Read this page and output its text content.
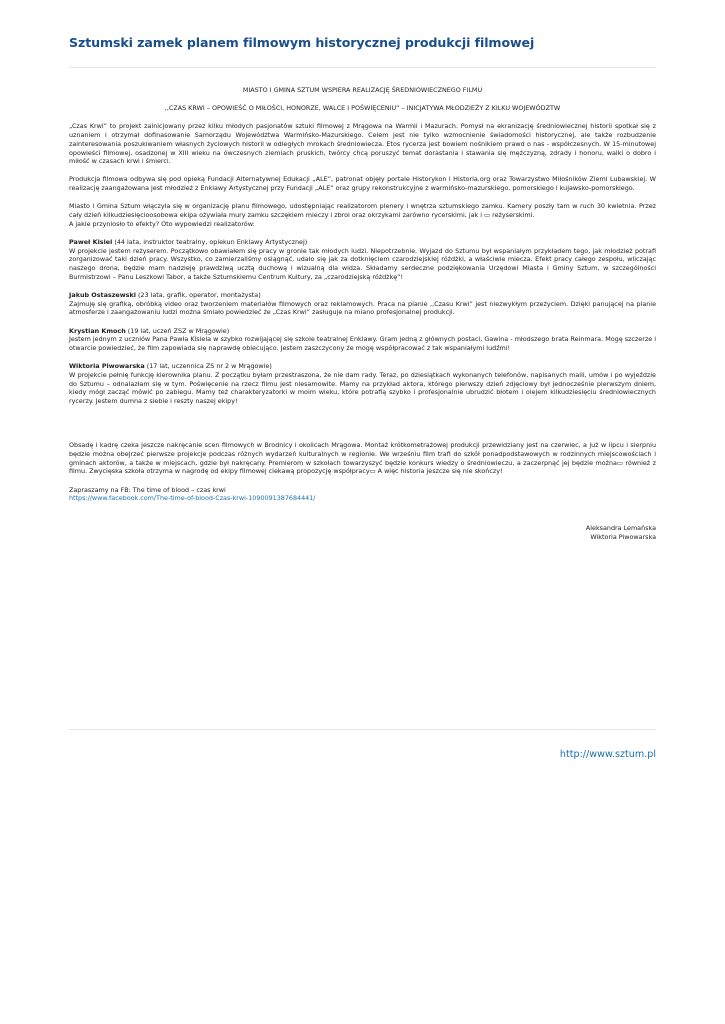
Sztumski zamek planem filmowym historycznej produkcji filmowej

MIASTO I GMINA SZTUM WSPIERA REALIZACJĘ ŚREDNIOWIECZNEGO FILMU

,,CZAS KRWI – OPOWIEŚĆ O MIŁOŚCI, HONORZE, WALCE I POŚWIĘCENIU” – INICJATYWA MŁODZIEŻY Z KILKU WOJEWÓDZTW

„Czas Krwi” to projekt zainicjowany przez kilku młodych pasjonatów sztuki filmowej z Mrągowa na Warmii i Mazurach. Pomysł na ekranizację średniowiecznej historii spotkał się z uznaniem i otrzymał dofinasowanie Samorządu Województwa Warmińsko-Mazurskiego. Celem jest nie tylko wzmocnienie świadomości historycznej, ale także rozbudzenie zainteresowania poszukiwaniem własnych życiowych historii w odległych mrokach średniowiecza. Etos rycerza jest bowiem nośnikiem prawd o nas - współczesnych. W 15-minutowej opowieści filmowej, osadzonej w XIII wieku na ówczesnych ziemiach pruskich, twórcy chcą poruszyć temat dorastania i stawania się mężczyzną, zdrady i honoru, walki o dobro i miłość w czasach krwi i śmierci.

Produkcja filmowa odbywa się pod opieką Fundacji Alternatywnej Edukacji „ALE”, patronat objęły portale Historykon i Historia.org oraz Towarzystwo Miłośników Ziemi Lubawskiej. W realizację zaangażowana jest młodzież z Enklawy Artystycznej przy Fundacji „ALE” oraz grupy rekonstrukcyjne z warmińsko-mazurskiego, pomorskiego i kujawsko-pomorskiego.

Miasto i Gmina Sztum włączyła się w organizację planu filmowego, udostępniając realizatorom plenery i wnętrza sztumskiego zamku. Kamery poszły tam w ruch 30 kwietnia. Przez cały dzień kilkudziesięcioosobowa ekipa ożywiała mury zamku szczękiem mieczy i zbroi oraz okrzykami zarówno rycerskimi, jak i ▭ reżyserskimi.
A jakie przyniosło to efekty? Oto wypowiedzi realizatorów:

Paweł Kisiel (44 lata, instruktor teatralny, opiekun Enklawy Artystycznej)
W projekcie jestem reżyserem. Początkowo obawiałem się pracy w gronie tak młodych ludzi. Niepotrzebnie. Wyjazd do Sztumu był wspaniałym przykładem tego, jak młodzież potrafi zorganizować taki dzień pracy. Wszystko, co zamierzaliśmy osiągnąć, udało się jak za dotknięciem czarodziejskiej różdżki, a właściwie miecza. Efekt pracy całego zespołu, wliczając naszego drona, będzie mam nadzieję prawdziwą ucztą duchową i wizualną dla widza. Składamy serdeczne podziękowania Urzędowi Miasta i Gminy Sztum, w szczególności Burmistrzowi – Panu Leszkowi Tabor, a także Sztumskiemu Centrum Kultury, za „czarodziejską różdżkę”!

Jakub Ostaszewski (23 lata, grafik, operator, montażysta)
Zajmuję się grafiką, obróbką video oraz tworzeniem materiałów filmowych oraz reklamowych. Praca na planie ,,Czasu Krwi” jest niezwykłym przeżyciem. Dzięki panującej na planie atmosferze i zaangażowaniu ludzi można śmiało powiedzieć że „Czas Krwi” zasługuje na miano profesjonalnej produkcji.

Krystian Kmoch (19 lat, uczeń ZSZ w Mrągowie)
Jestem jednym z uczniów Pana Pawła Kisiela w szybko rozwijającej się szkole teatralnej Enklawy. Gram jedną z głównych postaci, Gawina - młodszego brata Reinmara. Mogę szczerze i otwarcie powiedzieć, że film zapowiada się naprawdę obiecująco. Jestem zaszczycony że mogę współpracować z tak wspaniałymi ludźmi!

Wiktoria Piwowarska (17 lat, uczennica ZS nr 2 w Mrągowie)
W projekcie pełnię funkcję kierownika planu. Z początku byłam przestraszona, że nie dam rady. Teraz, po dziesiątkach wykonanych telefonów, napisanych maili, umów i po wyjeździe do Sztumu – odnalazłam się w tym. Poświęcenie na rzecz filmu jest niesamowite. Mamy na przykład aktora, którego pierwszy dzień zdjęciowy był jednocześnie pierwszym dniem, kiedy mógł zacząć mówić po zabiegu. Mamy też charakteryzatorki w moim wieku, które potrafią szybko i profesjonalnie ubrudzić błotem i olejem kilkudziesięciu średniowiecznych rycerzy. Jestem dumna z siebie i reszty naszej ekipy!

Obsadę i kadrę czeka jeszcze nakręcanie scen filmowych w Brodnicy i okolicach Mrągowa. Montaż krótkometrażowej produkcji przewidziany jest na czerwiec, a już w lipcu i sierpniu będzie można obejrzeć pierwsze projekcje podczas różnych wydarzeń kulturalnych w regionie. We wrześniu film trafi do szkół ponadpodstawowych w rodzinnych miejscowościach i gminach aktorów, a także w miejscach, gdzie był nakręcany. Premierom w szkołach towarzyszyć będzie konkurs wiedzy o średniowieczu, a zaczerpnąć jej będzie można▭ również z filmu. Zwycięska szkoła otrzyma w nagrodę od ekipy filmowej ciekawą propozycję współpracy▭ A więc historia jeszcze się nie skończy!

Zapraszamy na FB: The time of blood – czas krwi
https://www.facebook.com/The-time-of-blood-Czas-krwi-1090091387684441/

Aleksandra Lemańska
Wiktoria Piwowarska

http://www.sztum.pl
